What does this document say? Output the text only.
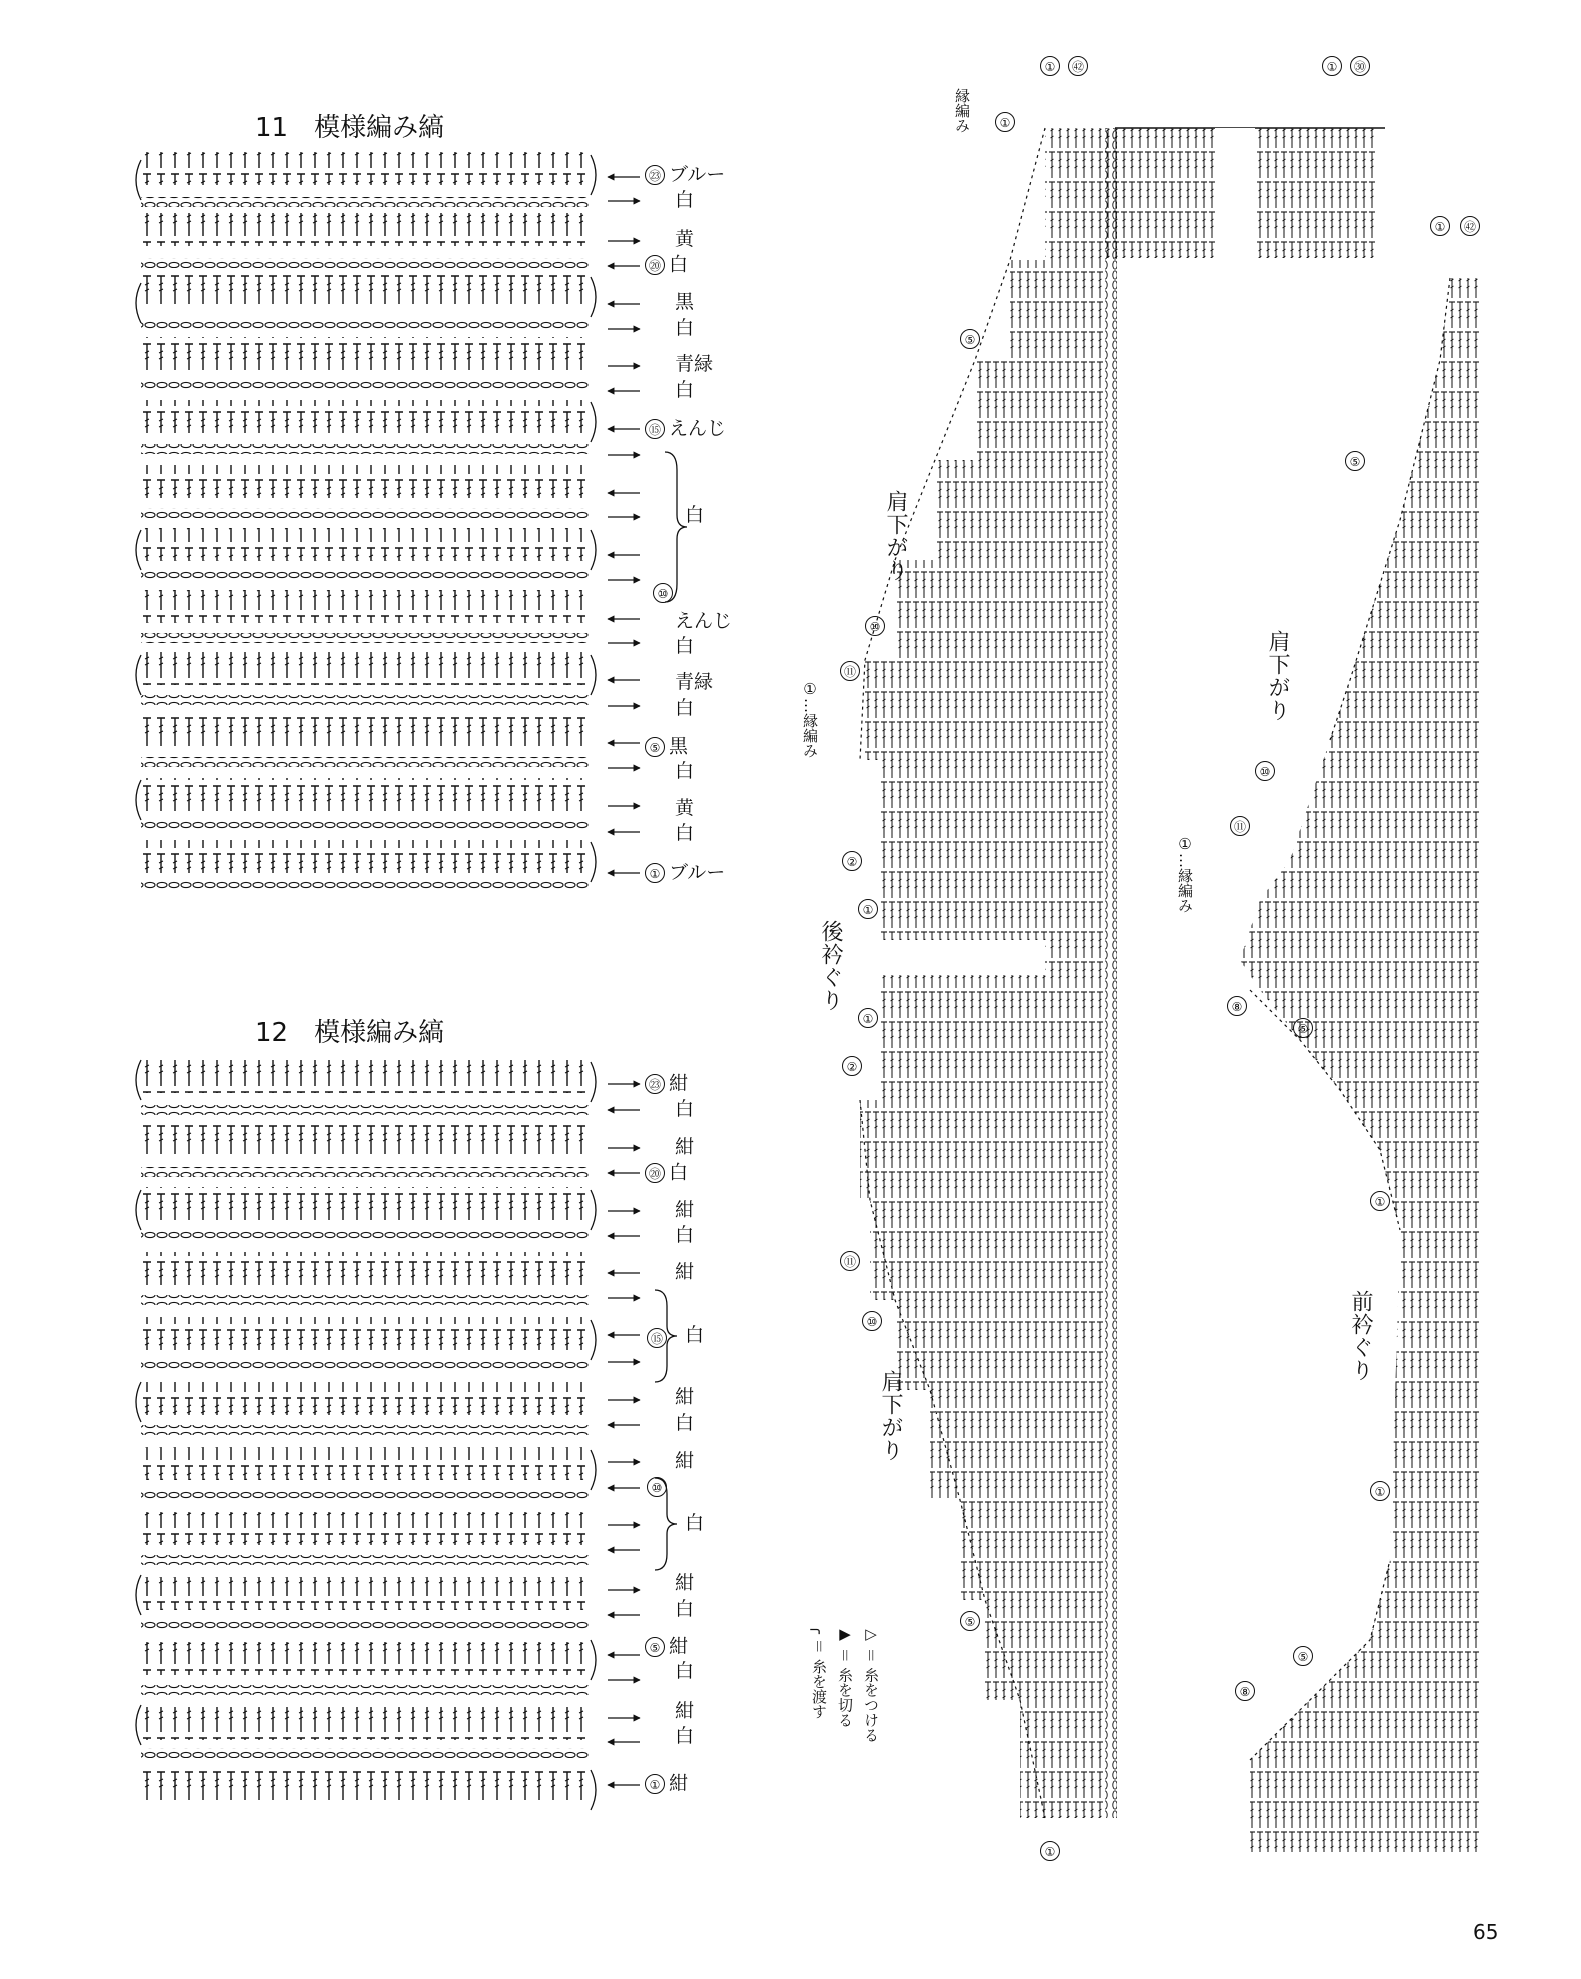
11　模様編み縞
㉓ ブルー
白
黄
⑳ 白
黒
白
青緑
白
⑮ えんじ
白
⑩
えんじ
白
青緑
白
⑤ 黒
白
黄
白
① ブルー
12　模様編み縞
㉓ 紺
白
紺
⑳ 白
紺
白
紺
白
⑮
紺
白
紺
白
⑩
紺
白
⑤ 紺
白
紺
白
① 紺
縁編み
①	㊷	①	㉚
①
⑤
肩下がり
⑩
⑪
①…縁編み
②
①
後衿ぐり
①
②
⑪
⑩
肩下がり
⑤
①
①	㊷
⑤
肩下がり
⑩
⑪
①…縁編み
⑧
⑤
①
前衿ぐり
①
⑤
⑧
▷ ＝ 糸をつける
▶ ＝ 糸を切る
╭ ＝ 糸を渡す
65
